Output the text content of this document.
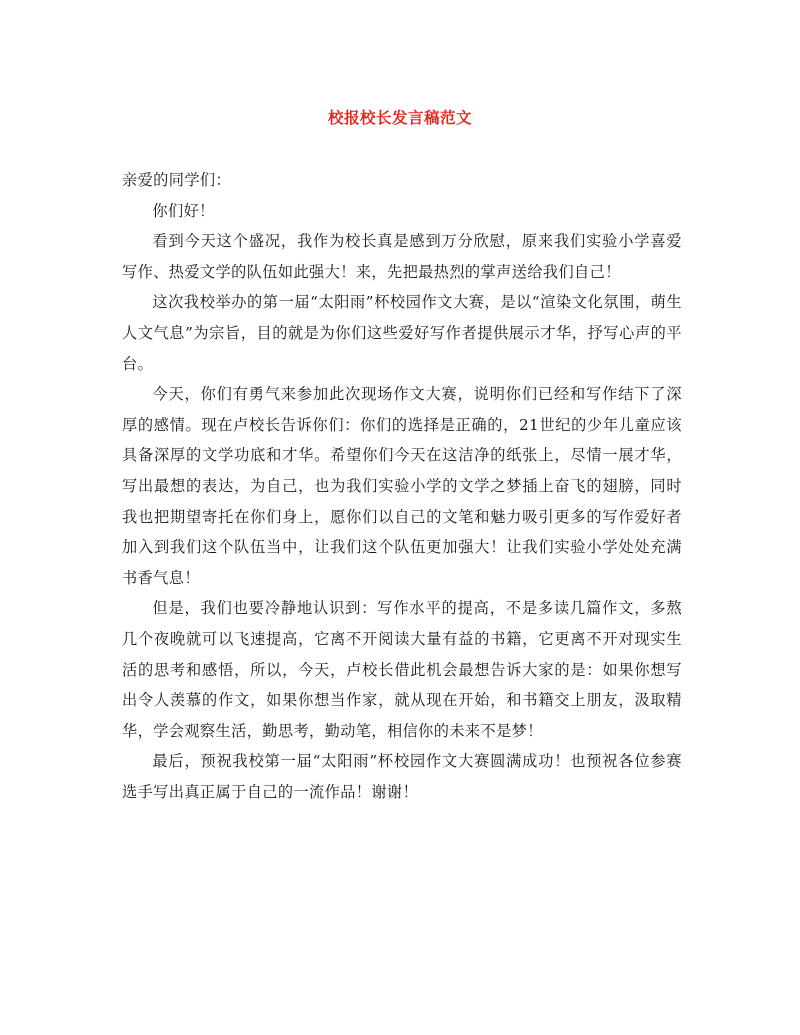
校报校长发言稿范文

亲爱的同学们：

你们好！

看到今天这个盛况，我作为校长真是感到万分欣慰，原来我们实验小学喜爱写作、热爱文学的队伍如此强大！来，先把最热烈的掌声送给我们自己！

这次我校举办的第一届“太阳雨”杯校园作文大赛，是以“渲染文化氛围，萌生人文气息”为宗旨，目的就是为你们这些爱好写作者提供展示才华，抒写心声的平台。

今天，你们有勇气来参加此次现场作文大赛，说明你们已经和写作结下了深厚的感情。现在卢校长告诉你们：你们的选择是正确的，21世纪的少年儿童应该具备深厚的文学功底和才华。希望你们今天在这洁净的纸张上，尽情一展才华，写出最想的表达，为自己，也为我们实验小学的文学之梦插上奋飞的翅膀，同时我也把期望寄托在你们身上，愿你们以自己的文笔和魅力吸引更多的写作爱好者加入到我们这个队伍当中，让我们这个队伍更加强大！让我们实验小学处处充满书香气息！

但是，我们也要冷静地认识到：写作水平的提高，不是多读几篇作文，多熬几个夜晚就可以飞速提高，它离不开阅读大量有益的书籍，它更离不开对现实生活的思考和感悟，所以，今天，卢校长借此机会最想告诉大家的是：如果你想写出令人羡慕的作文，如果你想当作家，就从现在开始，和书籍交上朋友，汲取精华，学会观察生活，勤思考，勤动笔，相信你的未来不是梦！

最后，预祝我校第一届“太阳雨”杯校园作文大赛圆满成功！也预祝各位参赛选手写出真正属于自己的一流作品！谢谢！
